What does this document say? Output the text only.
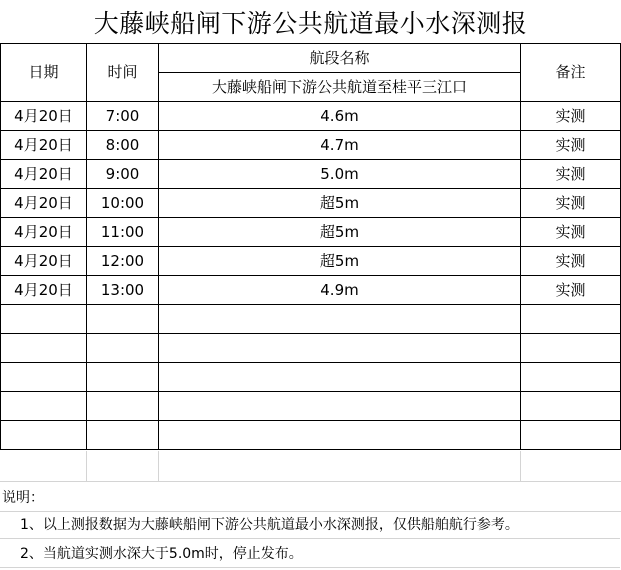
大藤峡船闸下游公共航道最小水深测报
日期	时间	航段名称	备注
		大藤峡船闸下游公共航道至桂平三江口	
4月20日	7:00	4.6m	实测
4月20日	8:00	4.7m	实测
4月20日	9:00	5.0m	实测
4月20日	10:00	超5m	实测
4月20日	11:00	超5m	实测
4月20日	12:00	超5m	实测
4月20日	13:00	4.9m	实测

说明：
1、以上测报数据为大藤峡船闸下游公共航道最小水深测报，仅供船舶航行参考。
2、当航道实测水深大于5.0m时，停止发布。
